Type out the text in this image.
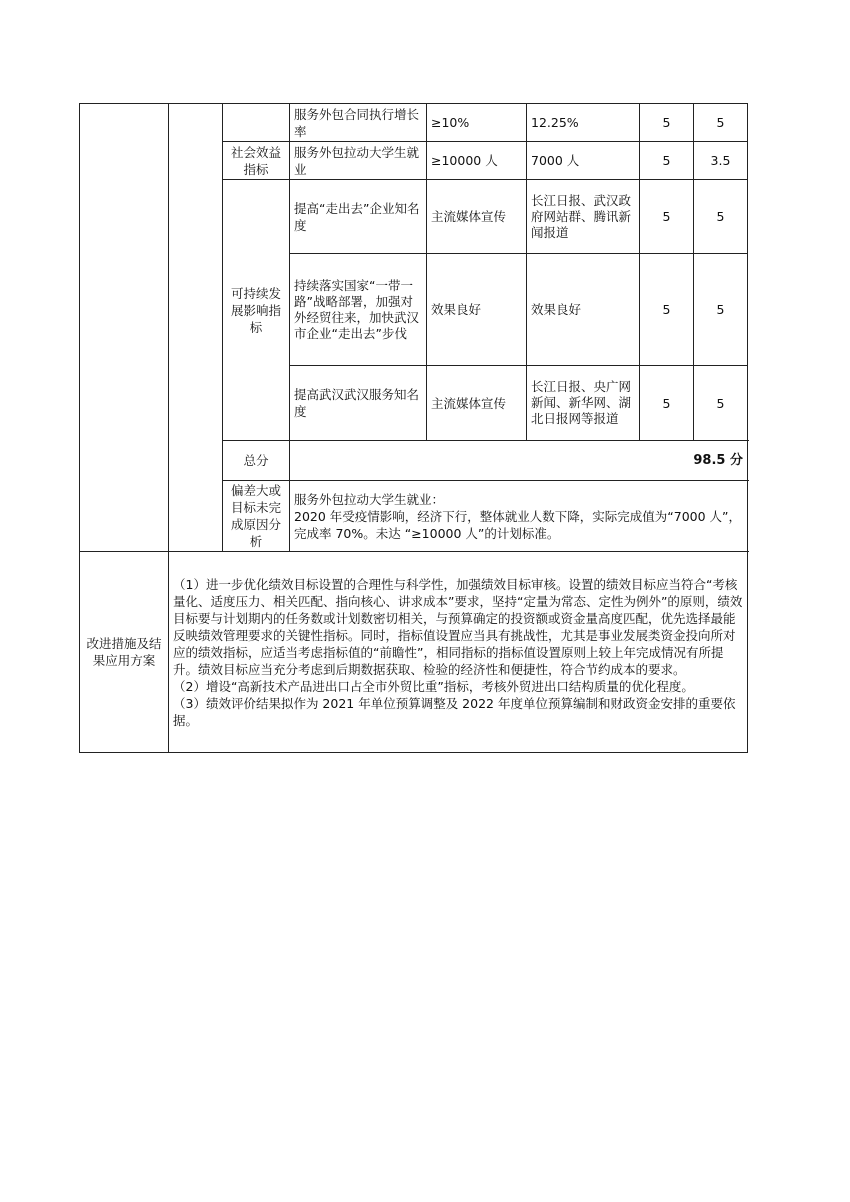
			服务外包合同执行增长率	≥10%	12.25%	5	5
		社会效益指标	服务外包拉动大学生就业	≥10000 人	7000 人	5	3.5
		可持续发展影响指标	提高“走出去”企业知名度	主流媒体宣传	长江日报、武汉政府网站群、腾讯新闻报道	5	5
			持续落实国家“一带一路”战略部署，加强对外经贸往来，加快武汉市企业“走出去”步伐	效果良好	效果良好	5	5
			提高武汉武汉服务知名度	主流媒体宣传	长江日报、央广网新闻、新华网、湖北日报网等报道	5	5
		总分	98.5 分				
		偏差大或目标未完成原因分析	服务外包拉动大学生就业：

2020 年受疫情影响，经济下行，整体就业人数下降，实际完成值为“7000 人”，完成率 70%。未达 “≥10000 人”的计划标准。				

改进措施及结果应用方案	（1）进一步优化绩效目标设置的合理性与科学性，加强绩效目标审核。设置的绩效目标应当符合“考核量化、适度压力、相关匹配、指向核心、讲求成本”要求，坚持“定量为常态、定性为例外”的原则，绩效目标要与计划期内的任务数或计划数密切相关，与预算确定的投资额或资金量高度匹配，优先选择最能反映绩效管理要求的关键性指标。同时，指标值设置应当具有挑战性，尤其是事业发展类资金投向所对应的绩效指标，应适当考虑指标值的“前瞻性”，相同指标的指标值设置原则上较上年完成情况有所提升。绩效目标应当充分考虑到后期数据获取、检验的经济性和便捷性，符合节约成本的要求。

（2）增设“高新技术产品进出口占全市外贸比重”指标，考核外贸进出口结构质量的优化程度。

（3）绩效评价结果拟作为 2021 年单位预算调整及 2022 年度单位预算编制和财政资金安排的重要依据。						
